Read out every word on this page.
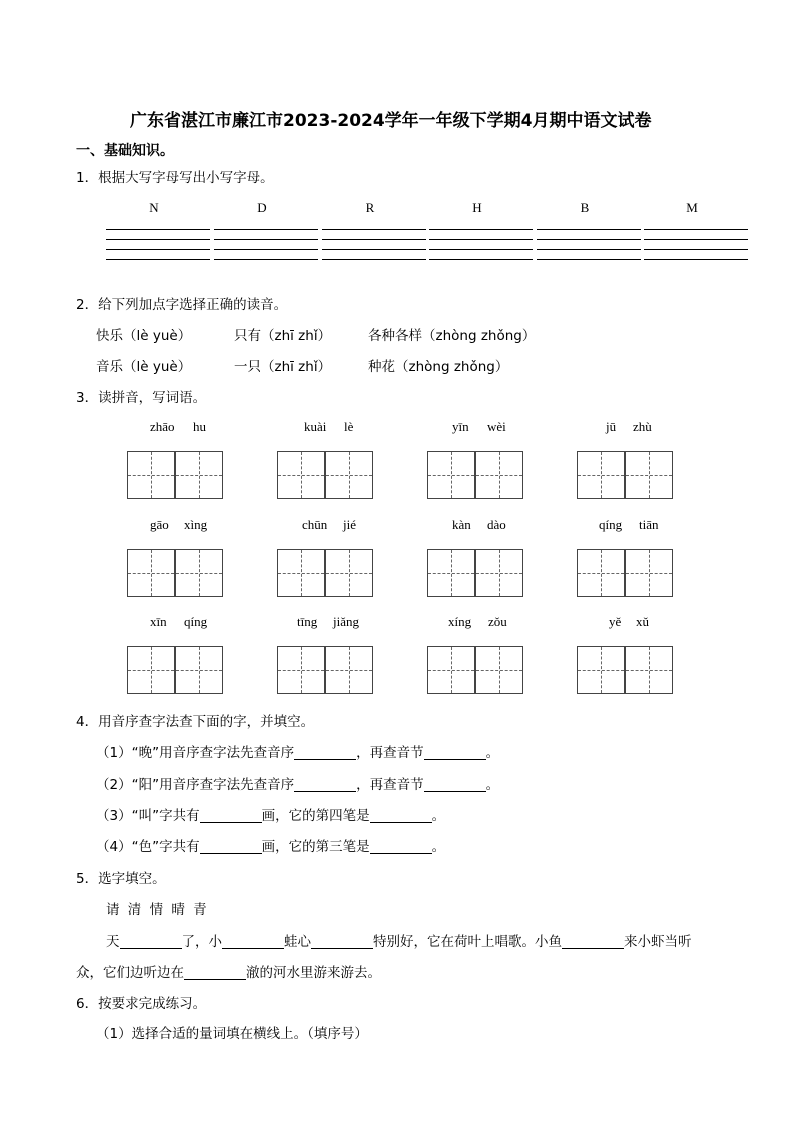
广东省湛江市廉江市2023-2024学年一年级下学期4月期中语文试卷
一、基础知识。
1．根据大写字母写出小写字母。
N	D	R	H	B	M
2．给下列加点字选择正确的读音。
快乐（lè yuè）	只有（zhī zhǐ）	各种各样（zhòng zhǒng）
音乐（lè yuè）	一只（zhī zhǐ）	种花（zhòng zhǒng）
3．读拼音，写词语。
zhāo hu	kuài lè	yīn wèi	jū zhù
gāo xìng	chūn jié	kàn dào	qíng tiān
xīn qíng	tīng jiǎng	xíng zǒu	yě xǔ
4．用音序查字法查下面的字，并填空。
（1）“晚”用音序查字法先查音序	，再查音节	。
（2）“阳”用音序查字法先查音序	，再查音节	。
（3）“叫”字共有	画，它的第四笔是	。
（4）“色”字共有	画，它的第三笔是	。
5．选字填空。
请 清 情 晴 青
天	了，小	蛙心	特别好，它在荷叶上唱歌。小鱼	来小虾当听
众，它们边听边在	澈的河水里游来游去。
6．按要求完成练习。
（1）选择合适的量词填在横线上。（填序号）
